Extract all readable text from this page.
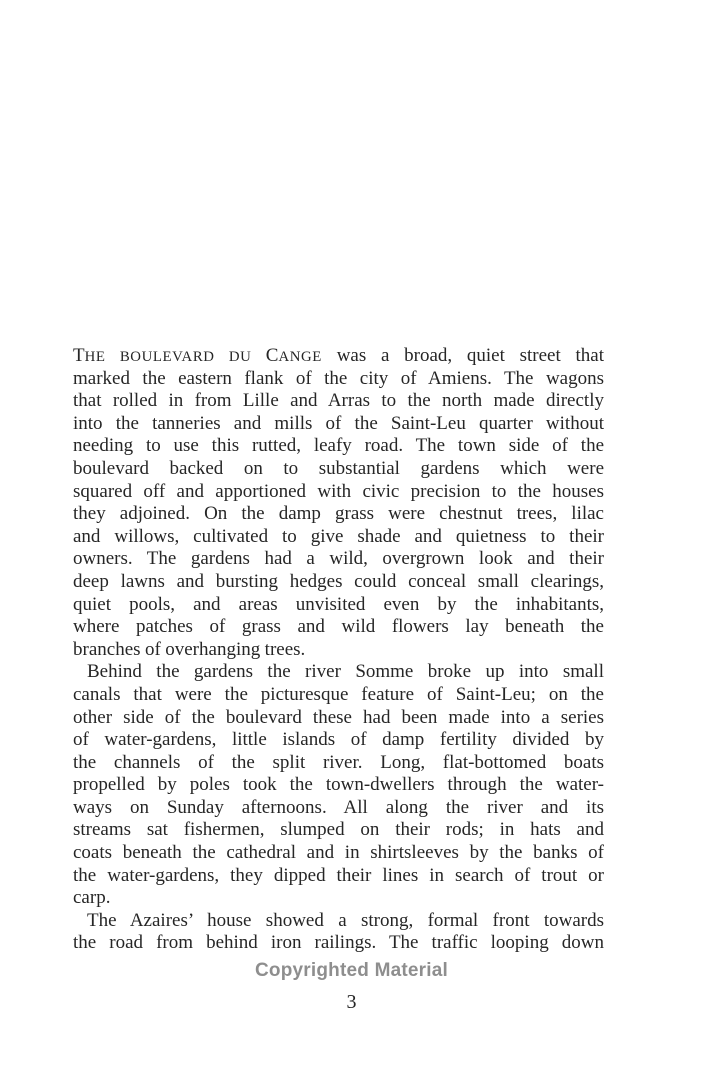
THE BOULEVARD DU CANGE was a broad, quiet street that
marked the eastern flank of the city of Amiens. The wagons
that rolled in from Lille and Arras to the north made directly
into the tanneries and mills of the Saint-Leu quarter without
needing to use this rutted, leafy road. The town side of the
boulevard backed on to substantial gardens which were
squared off and apportioned with civic precision to the houses
they adjoined. On the damp grass were chestnut trees, lilac
and willows, cultivated to give shade and quietness to their
owners. The gardens had a wild, overgrown look and their
deep lawns and bursting hedges could conceal small clearings,
quiet pools, and areas unvisited even by the inhabitants,
where patches of grass and wild flowers lay beneath the
branches of overhanging trees.
Behind the gardens the river Somme broke up into small
canals that were the picturesque feature of Saint-Leu; on the
other side of the boulevard these had been made into a series
of water-gardens, little islands of damp fertility divided by
the channels of the split river. Long, flat-bottomed boats
propelled by poles took the town-dwellers through the water-
ways on Sunday afternoons. All along the river and its
streams sat fishermen, slumped on their rods; in hats and
coats beneath the cathedral and in shirtsleeves by the banks of
the water-gardens, they dipped their lines in search of trout or
carp.
The Azaires’ house showed a strong, formal front towards
the road from behind iron railings. The traffic looping down
Copyrighted Material
3
